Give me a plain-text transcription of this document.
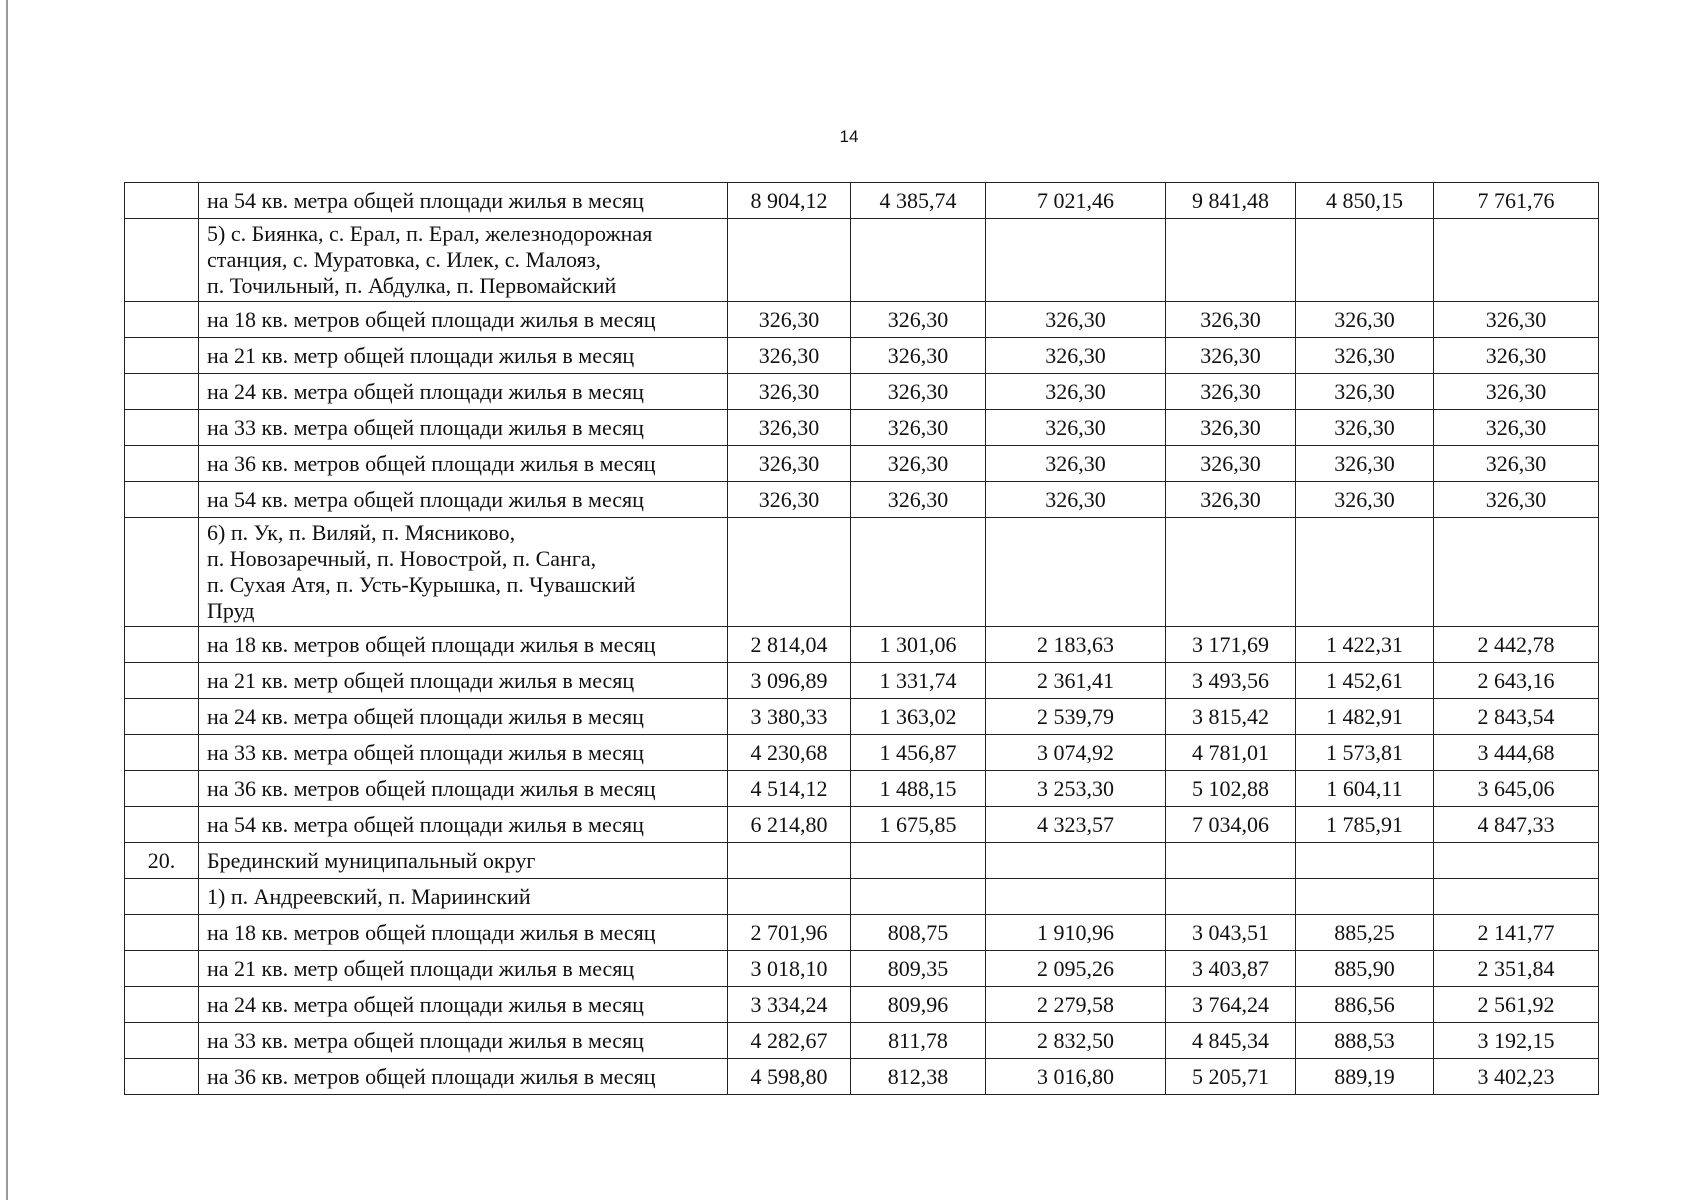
14
	на 54 кв. метра общей площади жилья в месяц	8 904,12	4 385,74	7 021,46	9 841,48	4 850,15	7 761,76
	5) с. Биянка, с. Ерал, п. Ерал, железнодорожная
станция, с. Муратовка, с. Илек, с. Малояз,
п. Точильный, п. Абдулка, п. Первомайский						
	на 18 кв. метров общей площади жилья в месяц	326,30	326,30	326,30	326,30	326,30	326,30
	на 21 кв. метр общей площади жилья в месяц	326,30	326,30	326,30	326,30	326,30	326,30
	на 24 кв. метра общей площади жилья в месяц	326,30	326,30	326,30	326,30	326,30	326,30
	на 33 кв. метра общей площади жилья в месяц	326,30	326,30	326,30	326,30	326,30	326,30
	на 36 кв. метров общей площади жилья в месяц	326,30	326,30	326,30	326,30	326,30	326,30
	на 54 кв. метра общей площади жилья в месяц	326,30	326,30	326,30	326,30	326,30	326,30
	6) п. Ук, п. Виляй, п. Мясниково,
п. Новозаречный, п. Новострой, п. Санга,
п. Сухая Атя, п. Усть-Курышка, п. Чувашский
Пруд						
	на 18 кв. метров общей площади жилья в месяц	2 814,04	1 301,06	2 183,63	3 171,69	1 422,31	2 442,78
	на 21 кв. метр общей площади жилья в месяц	3 096,89	1 331,74	2 361,41	3 493,56	1 452,61	2 643,16
	на 24 кв. метра общей площади жилья в месяц	3 380,33	1 363,02	2 539,79	3 815,42	1 482,91	2 843,54
	на 33 кв. метра общей площади жилья в месяц	4 230,68	1 456,87	3 074,92	4 781,01	1 573,81	3 444,68
	на 36 кв. метров общей площади жилья в месяц	4 514,12	1 488,15	3 253,30	5 102,88	1 604,11	3 645,06
	на 54 кв. метра общей площади жилья в месяц	6 214,80	1 675,85	4 323,57	7 034,06	1 785,91	4 847,33
20.	Брединский муниципальный округ						
	1) п. Андреевский, п. Мариинский						
	на 18 кв. метров общей площади жилья в месяц	2 701,96	808,75	1 910,96	3 043,51	885,25	2 141,77
	на 21 кв. метр общей площади жилья в месяц	3 018,10	809,35	2 095,26	3 403,87	885,90	2 351,84
	на 24 кв. метра общей площади жилья в месяц	3 334,24	809,96	2 279,58	3 764,24	886,56	2 561,92
	на 33 кв. метра общей площади жилья в месяц	4 282,67	811,78	2 832,50	4 845,34	888,53	3 192,15
	на 36 кв. метров общей площади жилья в месяц	4 598,80	812,38	3 016,80	5 205,71	889,19	3 402,23
